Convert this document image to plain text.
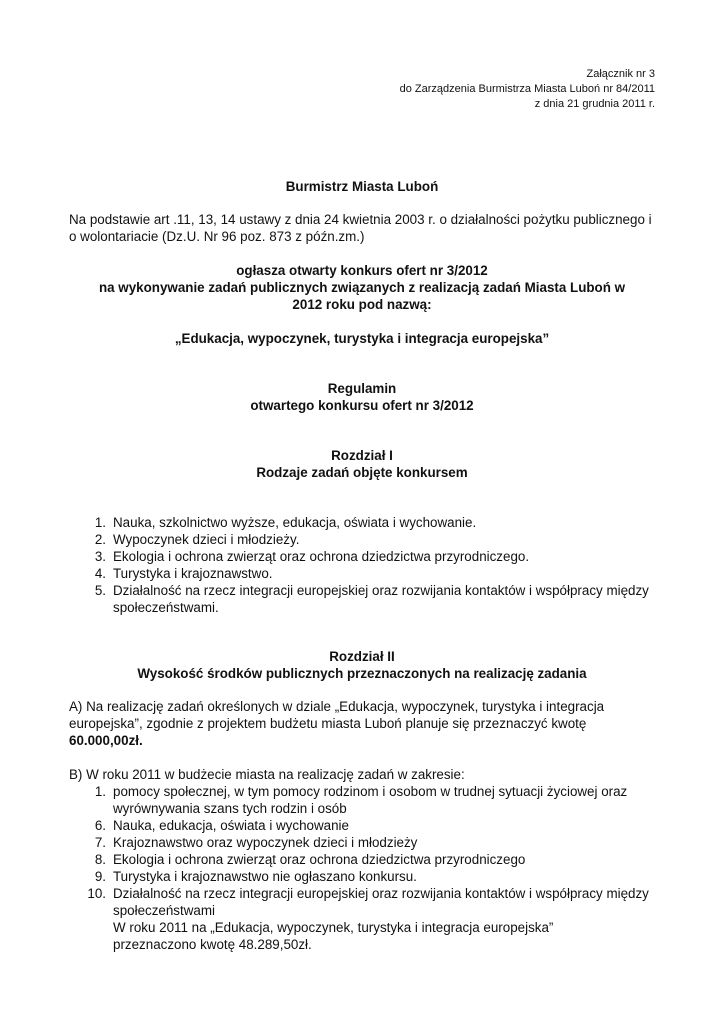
Załącznik nr 3
do Zarządzenia Burmistrza Miasta Luboń nr 84/2011
z dnia 21 grudnia 2011 r.
Burmistrz Miasta Luboń
Na podstawie art .11, 13, 14 ustawy z dnia 24 kwietnia 2003 r. o działalności pożytku publicznego i o wolontariacie (Dz.U. Nr 96 poz. 873 z późn.zm.)
ogłasza otwarty konkurs ofert nr 3/2012
na wykonywanie zadań publicznych związanych z realizacją zadań Miasta Luboń w
2012 roku pod nazwą:
„Edukacja, wypoczynek, turystyka i integracja europejska”
Regulamin
otwartego konkursu ofert nr 3/2012
Rozdział I
Rodzaje zadań objęte konkursem
1. Nauka, szkolnictwo wyższe, edukacja, oświata i wychowanie.
2. Wypoczynek dzieci i młodzieży.
3. Ekologia i ochrona zwierząt oraz ochrona dziedzictwa przyrodniczego.
4. Turystyka i krajoznawstwo.
5. Działalność na rzecz integracji europejskiej oraz rozwijania kontaktów i współpracy między społeczeństwami.
Rozdział II
Wysokość środków publicznych przeznaczonych na realizację zadania
A) Na realizację zadań określonych w dziale „Edukacja, wypoczynek, turystyka i integracja europejska”, zgodnie z projektem budżetu miasta Luboń planuje się przeznaczyć kwotę 60.000,00zł.
B) W roku 2011 w budżecie miasta na realizację zadań w zakresie:
1. pomocy społecznej, w tym pomocy rodzinom i osobom w trudnej sytuacji życiowej oraz wyrównywania szans tych rodzin i osób
6. Nauka, edukacja, oświata i wychowanie
7. Krajoznawstwo oraz wypoczynek dzieci i młodzieży
8. Ekologia i ochrona zwierząt oraz ochrona dziedzictwa przyrodniczego
9. Turystyka i krajoznawstwo nie ogłaszano konkursu.
10. Działalność na rzecz integracji europejskiej oraz rozwijania kontaktów i współpracy między społeczeństwami
W roku 2011 na „Edukacja, wypoczynek, turystyka i integracja europejska”
przeznaczono kwotę 48.289,50zł.
